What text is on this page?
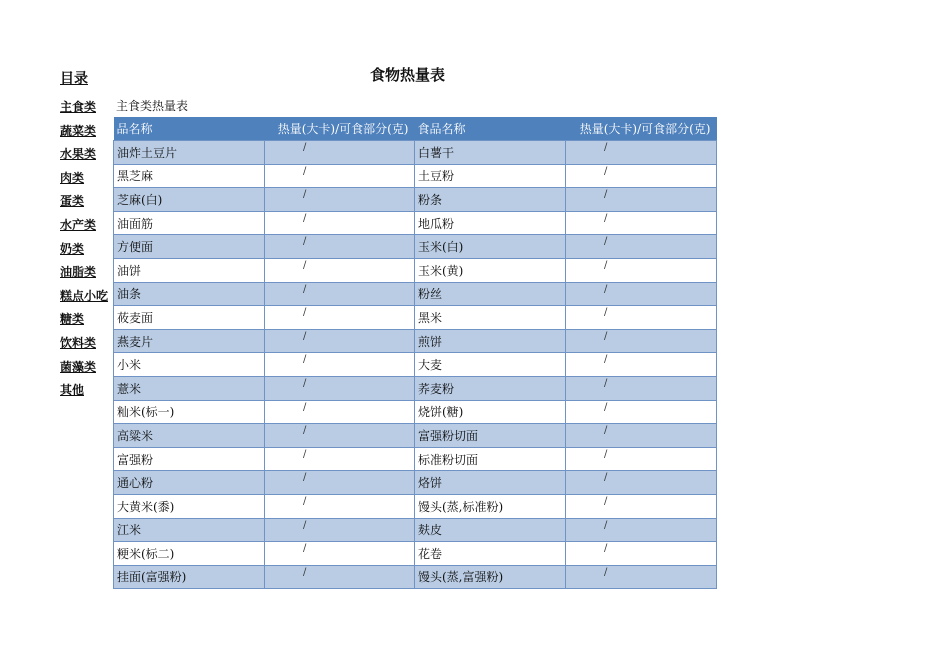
目录	食物热量表
主食类
蔬菜类
水果类
肉类
蛋类
水产类
奶类
油脂类
糕点小吃
糖类
饮料类
菌藻类
其他
主食类热量表
品名称	热量(大卡)/可食部分(克)	食品名称	热量(大卡)/可食部分(克)
油炸土豆片	/	白薯干	/

黑芝麻	/	土豆粉	/

芝麻(白)	/	粉条	/

油面筋	/	地瓜粉	/

方便面	/	玉米(白)	/

油饼	/	玉米(黄)	/

油条	/	粉丝	/

莜麦面	/	黑米	/

燕麦片	/	煎饼	/

小米	/	大麦	/

薏米	/	荞麦粉	/

籼米(标一)	/	烧饼(糖)	/

高粱米	/	富强粉切面	/

富强粉	/	标准粉切面	/

通心粉	/	烙饼	/

大黄米(黍)	/	馒头(蒸,标准粉)	/

江米	/	麸皮	/

粳米(标二)	/	花卷	/

挂面(富强粉)	/	馒头(蒸,富强粉)	/
